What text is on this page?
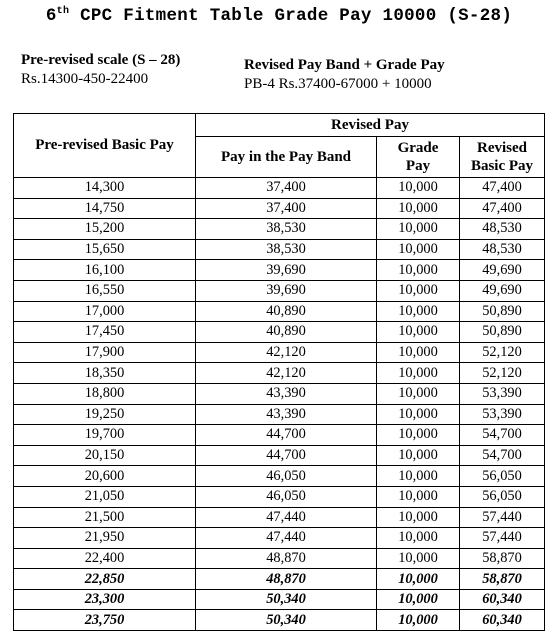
6th CPC Fitment Table Grade Pay 10000 (S-28)
Pre-revised scale (S – 28)
Rs.14300-450-22400
Revised Pay Band + Grade Pay
PB-4 Rs.37400-67000 + 10000
Pre-revised Basic Pay	Revised Pay		
	Pay in the Pay Band	Grade
Pay	Revised
Basic Pay
14,300	37,400	10,000	47,400
14,750	37,400	10,000	47,400
15,200	38,530	10,000	48,530
15,650	38,530	10,000	48,530
16,100	39,690	10,000	49,690
16,550	39,690	10,000	49,690
17,000	40,890	10,000	50,890
17,450	40,890	10,000	50,890
17,900	42,120	10,000	52,120
18,350	42,120	10,000	52,120
18,800	43,390	10,000	53,390
19,250	43,390	10,000	53,390
19,700	44,700	10,000	54,700
20,150	44,700	10,000	54,700
20,600	46,050	10,000	56,050
21,050	46,050	10,000	56,050
21,500	47,440	10,000	57,440
21,950	47,440	10,000	57,440
22,400	48,870	10,000	58,870
22,850	48,870	10,000	58,870
23,300	50,340	10,000	60,340
23,750	50,340	10,000	60,340
